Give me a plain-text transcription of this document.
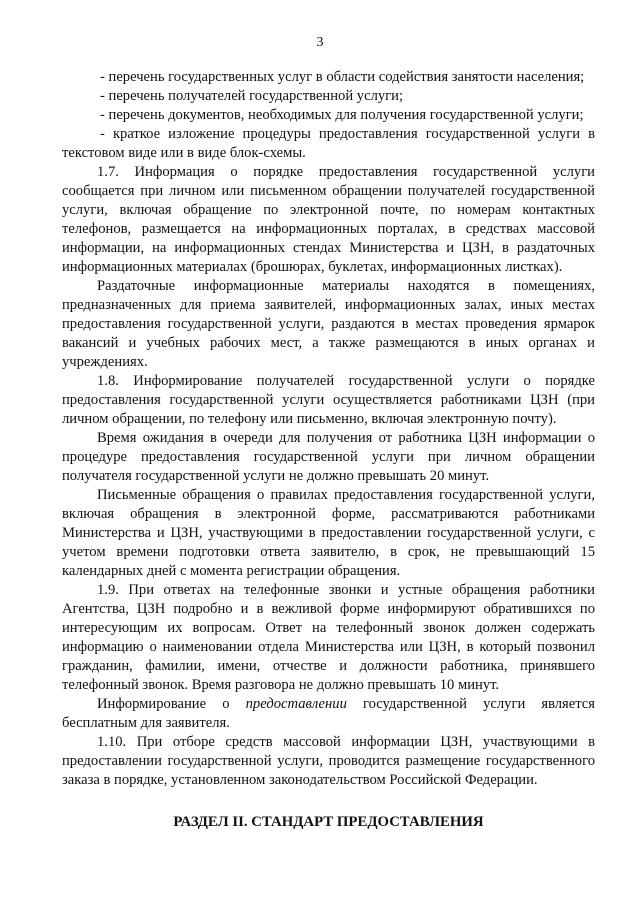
3

- перечень государственных услуг в области содействия занятости населения;

- перечень получателей государственной услуги;

- перечень документов, необходимых для получения государственной услуги;

- краткое изложение процедуры предоставления государственной услуги в текстовом виде или в виде блок-схемы.

1.7. Информация о порядке предоставления государственной услуги сообщается при личном или письменном обращении получателей государственной услуги, включая обращение по электронной почте, по номерам контактных телефонов, размещается на информационных порталах, в средствах массовой информации, на информационных стендах Министерства и ЦЗН, в раздаточных информационных материалах (брошюрах, буклетах, информационных листках).

Раздаточные информационные материалы находятся в помещениях, предназначенных для приема заявителей, информационных залах, иных местах предоставления государственной услуги, раздаются в местах проведения ярмарок вакансий и учебных рабочих мест, а также размещаются в иных органах и учреждениях.

1.8. Информирование получателей государственной услуги о порядке предоставления государственной услуги осуществляется работниками ЦЗН (при личном обращении, по телефону или письменно, включая электронную почту).

Время ожидания в очереди для получения от работника ЦЗН информации о процедуре предоставления государственной услуги при личном обращении получателя государственной услуги не должно превышать 20 минут.

Письменные обращения о правилах предоставления государственной услуги, включая обращения в электронной форме, рассматриваются работниками Министерства и ЦЗН, участвующими в предоставлении государственной услуги, с учетом времени подготовки ответа заявителю, в срок, не превышающий 15 календарных дней с момента регистрации обращения.

1.9. При ответах на телефонные звонки и устные обращения работники Агентства, ЦЗН подробно и в вежливой форме информируют обратившихся по интересующим их вопросам. Ответ на телефонный звонок должен содержать информацию о наименовании отдела Министерства или ЦЗН, в который позвонил гражданин, фамилии, имени, отчестве и должности работника, принявшего телефонный звонок. Время разговора не должно превышать 10 минут.

Информирование о предоставлении государственной услуги является бесплатным для заявителя.

1.10. При отборе средств массовой информации ЦЗН, участвующими в предоставлении государственной услуги, проводится размещение государственного заказа в порядке, установленном законодательством Российской Федерации.

РАЗДЕЛ II. СТАНДАРТ ПРЕДОСТАВЛЕНИЯ
